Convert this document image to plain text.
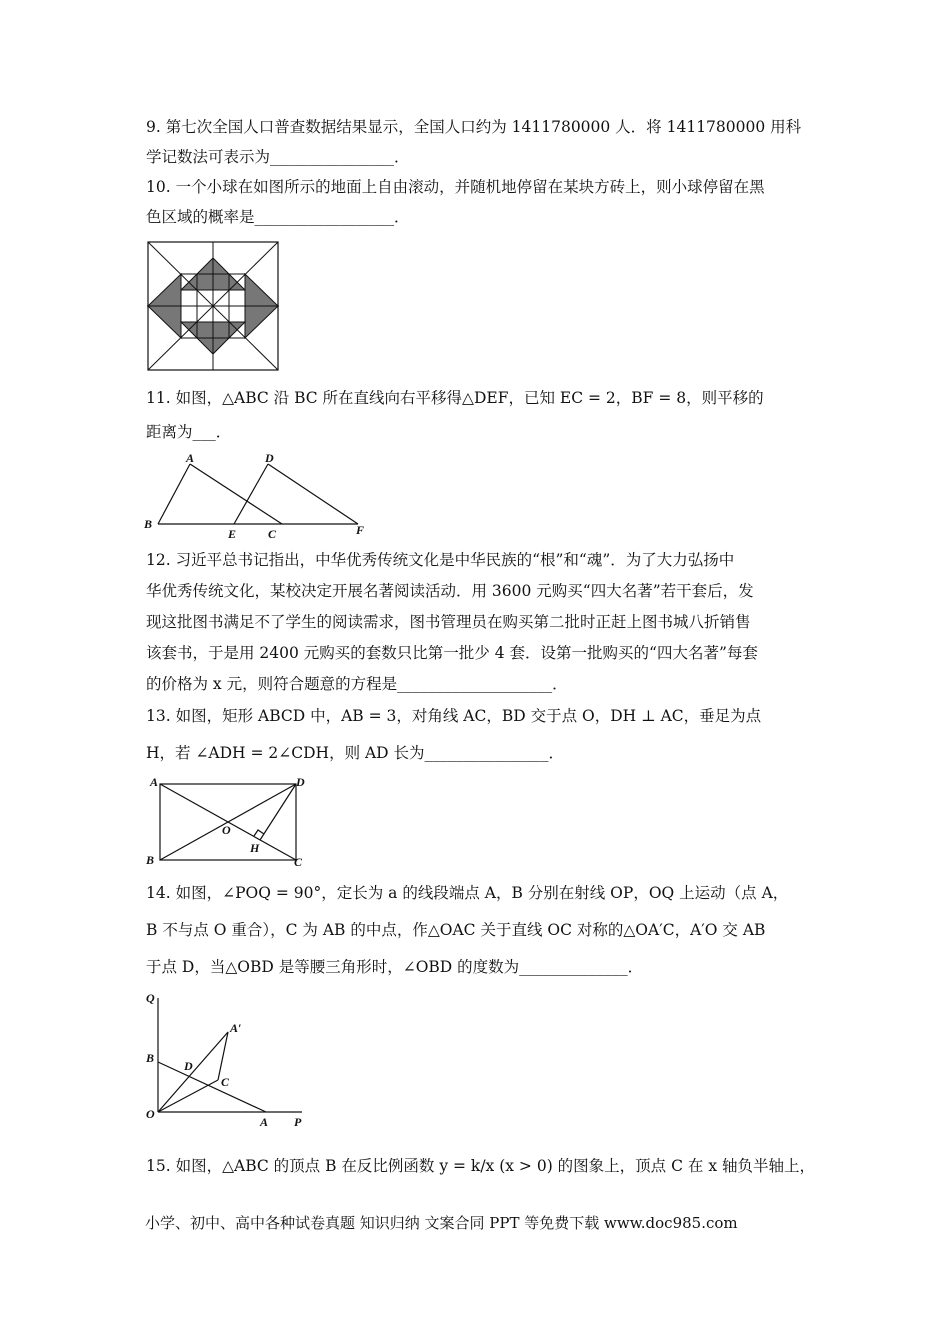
9. 第七次全国人口普查数据结果显示，全国人口约为 1411780000 人．将 1411780000 用科
学记数法可表示为________________．
10. 一个小球在如图所示的地面上自由滚动，并随机地停留在某块方砖上，则小球停留在黑
色区域的概率是__________________．
11. 如图，△ABC 沿 BC 所在直线向右平移得△DEF，已知 EC = 2，BF = 8，则平移的
距离为___．
A	D
B
E	C	F
12. 习近平总书记指出，中华优秀传统文化是中华民族的“根”和“魂”．为了大力弘扬中
华优秀传统文化，某校决定开展名著阅读活动．用 3600 元购买“四大名著”若干套后，发
现这批图书满足不了学生的阅读需求，图书管理员在购买第二批时正赶上图书城八折销售
该套书，于是用 2400 元购买的套数只比第一批少 4 套．设第一批购买的“四大名著”每套
的价格为 x 元，则符合题意的方程是____________________．
13. 如图，矩形 ABCD 中，AB = 3，对角线 AC，BD 交于点 O，DH ⊥ AC，垂足为点
H，若 ∠ADH = 2∠CDH，则 AD 长为________________．
A	D
O
H
B	C
14. 如图，∠POQ = 90°，定长为 a 的线段端点 A，B 分别在射线 OP，OQ 上运动（点 A，
B 不与点 O 重合），C 为 AB 的中点，作△OAC 关于直线 OC 对称的△OA′C，A′O 交 AB
于点 D，当△OBD 是等腰三角形时，∠OBD 的度数为______________．
Q
A′
B
D
C
O
A P
15. 如图，△ABC 的顶点 B 在反比例函数 y = k/x (x > 0) 的图象上，顶点 C 在 x 轴负半轴上，
小学、初中、高中各种试卷真题 知识归纳 文案合同 PPT 等免费下载 www.doc985.com
